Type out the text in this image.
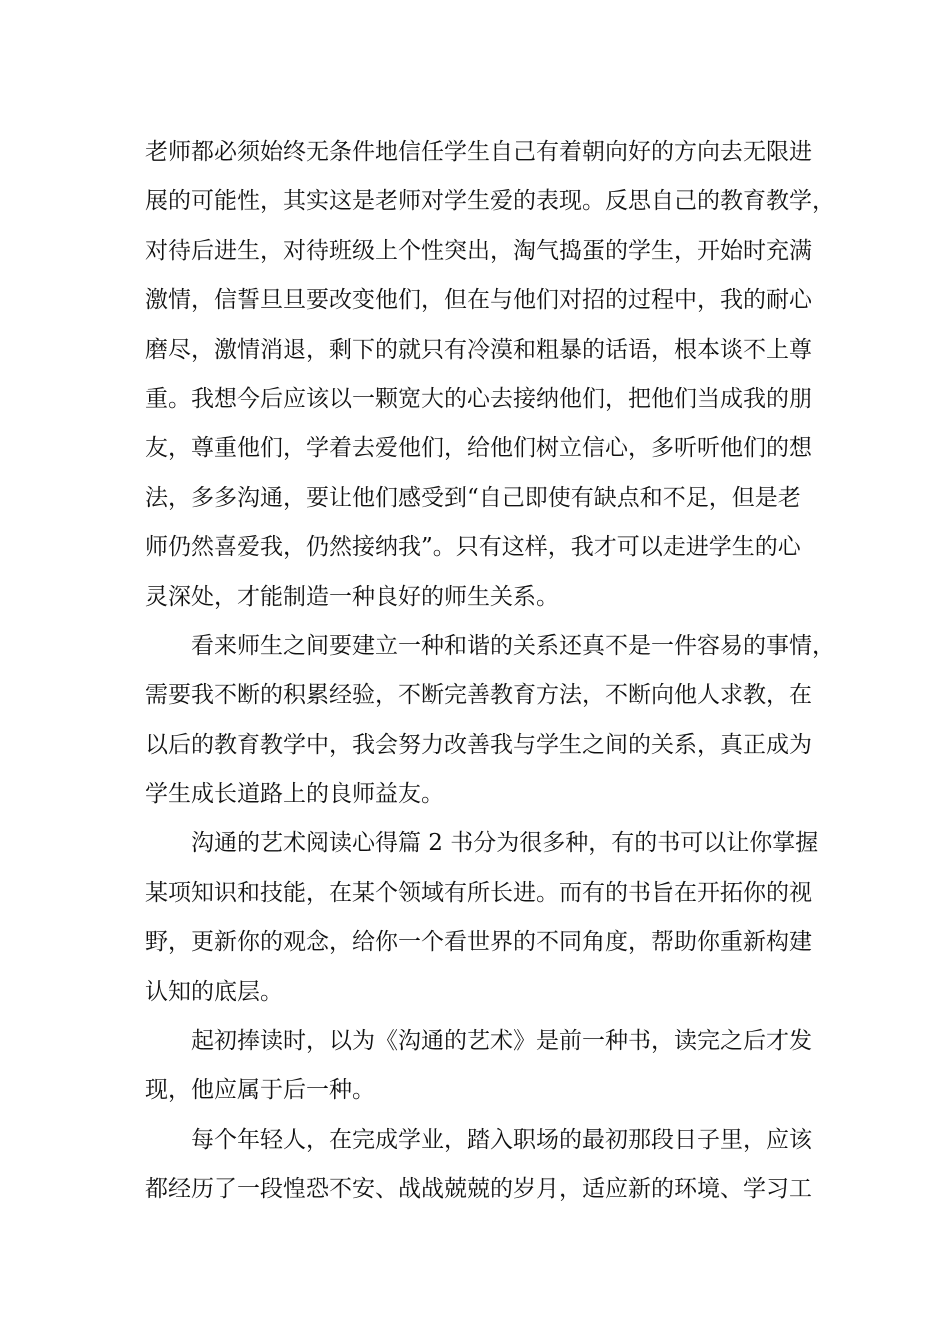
老师都必须始终无条件地信任学生自己有着朝向好的方向去无限进
展的可能性，其实这是老师对学生爱的表现。反思自己的教育教学，
对待后进生，对待班级上个性突出，淘气捣蛋的学生，开始时充满
激情，信誓旦旦要改变他们，但在与他们对招的过程中，我的耐心
磨尽，激情消退，剩下的就只有冷漠和粗暴的话语，根本谈不上尊
重。我想今后应该以一颗宽大的心去接纳他们，把他们当成我的朋
友，尊重他们，学着去爱他们，给他们树立信心，多听听他们的想
法，多多沟通，要让他们感受到“自己即使有缺点和不足，但是老
师仍然喜爱我，仍然接纳我”。只有这样，我才可以走进学生的心
灵深处，才能制造一种良好的师生关系。
看来师生之间要建立一种和谐的关系还真不是一件容易的事情，
需要我不断的积累经验，不断完善教育方法，不断向他人求教，在
以后的教育教学中，我会努力改善我与学生之间的关系，真正成为
学生成长道路上的良师益友。
沟通的艺术阅读心得篇 2 书分为很多种，有的书可以让你掌握
某项知识和技能，在某个领域有所长进。而有的书旨在开拓你的视
野，更新你的观念，给你一个看世界的不同角度，帮助你重新构建
认知的底层。
起初捧读时，以为《沟通的艺术》是前一种书，读完之后才发
现，他应属于后一种。
每个年轻人，在完成学业，踏入职场的最初那段日子里，应该
都经历了一段惶恐不安、战战兢兢的岁月，适应新的环境、学习工
